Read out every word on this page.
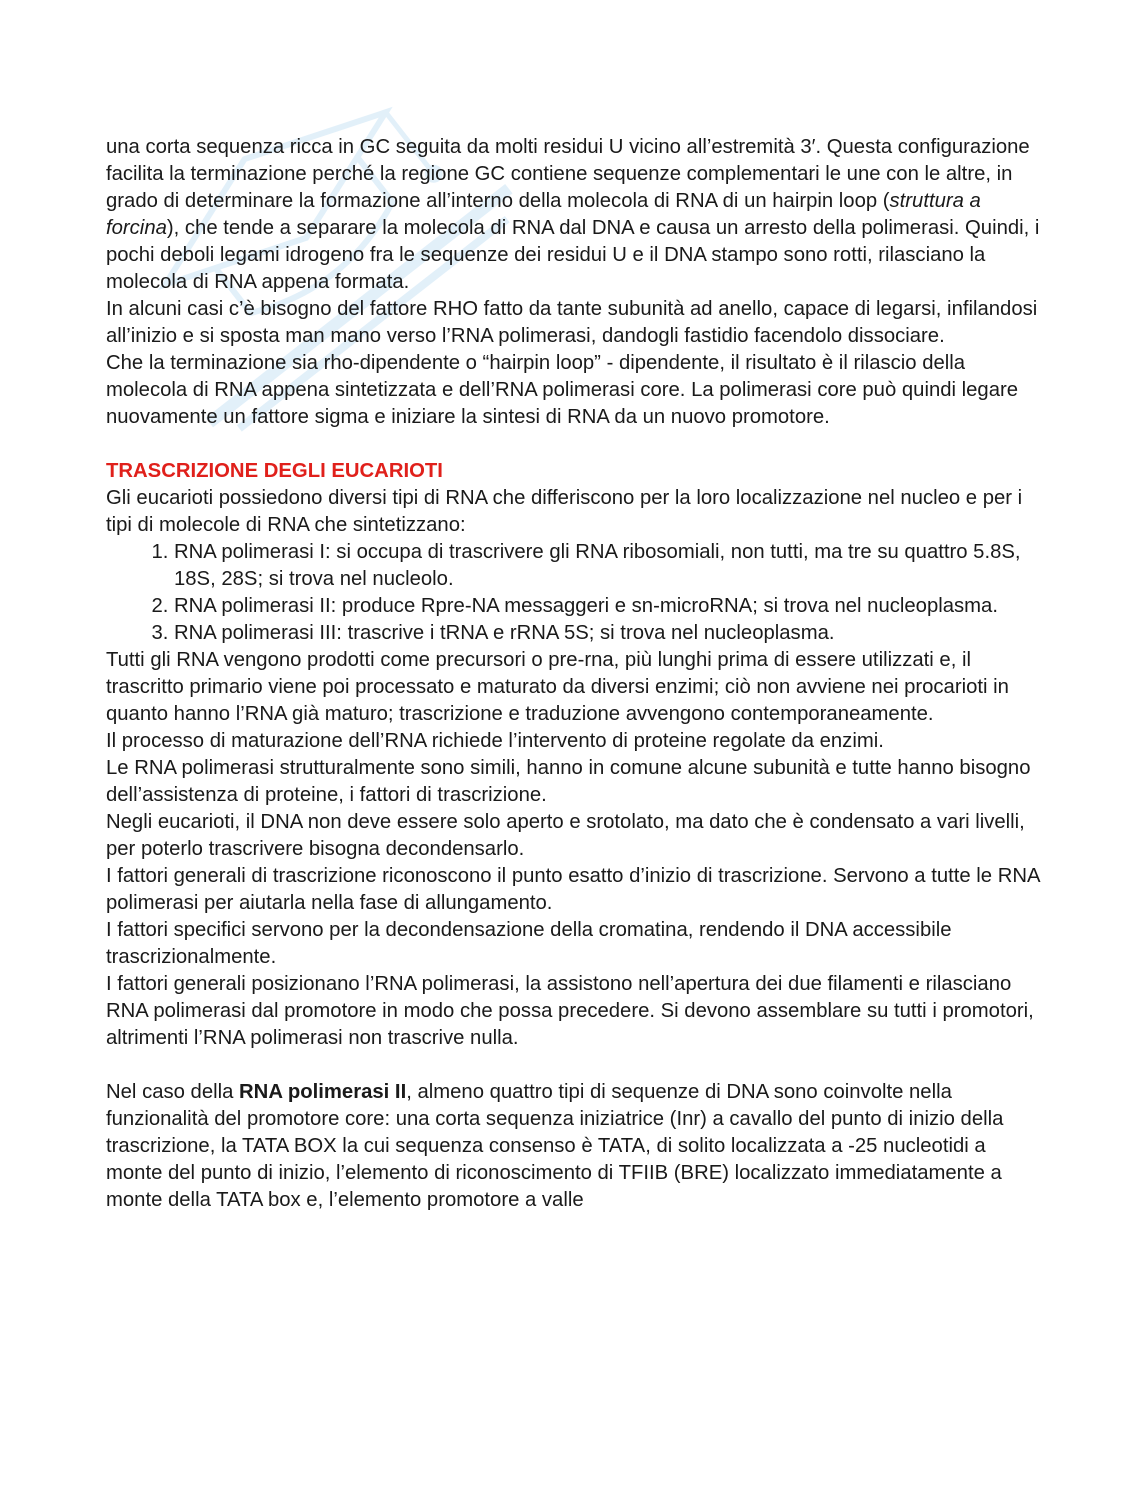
una corta sequenza ricca in GC seguita da molti residui U vicino all’estremità 3′. Questa configurazione facilita la terminazione perché la regione GC contiene sequenze complementari le une con le altre, in grado di determinare la formazione all’interno della molecola di RNA di un hairpin loop (struttura a forcina), che tende a separare la molecola di RNA dal DNA e causa un arresto della polimerasi. Quindi, i pochi deboli legami idrogeno fra le sequenze dei residui U e il DNA stampo sono rotti, rilasciano la molecola di RNA appena formata.

In alcuni casi c’è bisogno del fattore RHO fatto da tante subunità ad anello, capace di legarsi, infilandosi all’inizio e si sposta man mano verso l’RNA polimerasi, dandogli fastidio facendolo dissociare.

Che la terminazione sia rho-dipendente o “hairpin loop” - dipendente, il risultato è il rilascio della molecola di RNA appena sintetizzata e dell’RNA polimerasi core. La polimerasi core può quindi legare nuovamente un fattore sigma e iniziare la sintesi di RNA da un nuovo promotore.

TRASCRIZIONE DEGLI EUCARIOTI

Gli eucarioti possiedono diversi tipi di RNA che differiscono per la loro localizzazione nel nucleo e per i tipi di molecole di RNA che sintetizzano:

1. RNA polimerasi I: si occupa di trascrivere gli RNA ribosomiali, non tutti, ma tre su quattro 5.8S, 18S, 28S; si trova nel nucleolo.
2. RNA polimerasi II: produce Rpre-NA messaggeri e sn-microRNA; si trova nel nucleoplasma.
3. RNA polimerasi III: trascrive i tRNA e rRNA 5S; si trova nel nucleoplasma.

Tutti gli RNA vengono prodotti come precursori o pre-rna, più lunghi prima di essere utilizzati e, il trascritto primario viene poi processato e maturato da diversi enzimi; ciò non avviene nei procarioti in quanto hanno l’RNA già maturo; trascrizione e traduzione avvengono contemporaneamente.

Il processo di maturazione dell’RNA richiede l’intervento di proteine regolate da enzimi.

Le RNA polimerasi strutturalmente sono simili, hanno in comune alcune subunità e tutte hanno bisogno dell’assistenza di proteine, i fattori di trascrizione.

Negli eucarioti, il DNA non deve essere solo aperto e srotolato, ma dato che è condensato a vari livelli, per poterlo trascrivere bisogna decondensarlo.

I fattori generali di trascrizione riconoscono il punto esatto d’inizio di trascrizione. Servono a tutte le RNA polimerasi per aiutarla nella fase di allungamento.

I fattori specifici servono per la decondensazione della cromatina, rendendo il DNA accessibile trascrizionalmente.

I fattori generali posizionano l’RNA polimerasi, la assistono nell’apertura dei due filamenti e rilasciano RNA polimerasi dal promotore in modo che possa precedere. Si devono assemblare su tutti i promotori, altrimenti l’RNA polimerasi non trascrive nulla.

Nel caso della RNA polimerasi II, almeno quattro tipi di sequenze di DNA sono coinvolte nella funzionalità del promotore core: una corta sequenza iniziatrice (Inr) a cavallo del punto di inizio della trascrizione, la TATA BOX la cui sequenza consenso è TATA, di solito localizzata a -25 nucleotidi a monte del punto di inizio, l’elemento di riconoscimento di TFIIB (BRE) localizzato immediatamente a monte della TATA box e, l’elemento promotore a valle
